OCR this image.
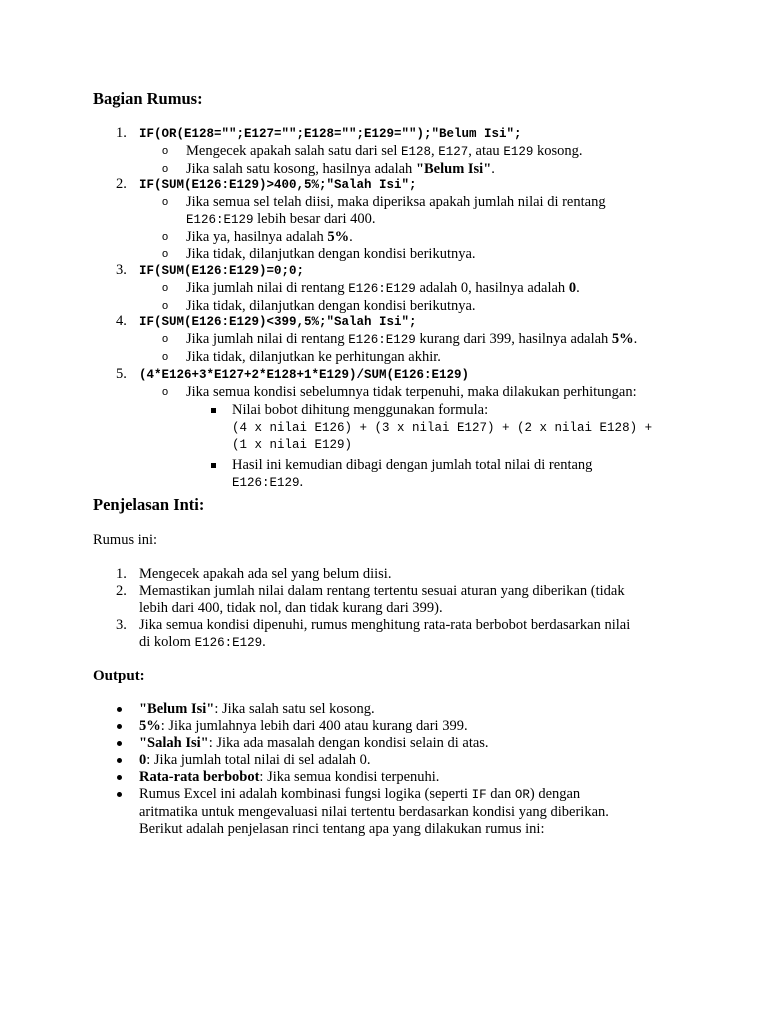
Bagian Rumus:
1. IF(OR(E128="";E127="";E128="";E129="");"Belum Isi";
o Mengecek apakah salah satu dari sel E128, E127, atau E129 kosong.
o Jika salah satu kosong, hasilnya adalah "Belum Isi".
2. IF(SUM(E126:E129)>400,5%;"Salah Isi";
o Jika semua sel telah diisi, maka diperiksa apakah jumlah nilai di rentang
E126:E129 lebih besar dari 400.
o Jika ya, hasilnya adalah 5%.
o Jika tidak, dilanjutkan dengan kondisi berikutnya.
3. IF(SUM(E126:E129)=0;0;
o Jika jumlah nilai di rentang E126:E129 adalah 0, hasilnya adalah 0.
o Jika tidak, dilanjutkan dengan kondisi berikutnya.
4. IF(SUM(E126:E129)<399,5%;"Salah Isi";
o Jika jumlah nilai di rentang E126:E129 kurang dari 399, hasilnya adalah 5%.
o Jika tidak, dilanjutkan ke perhitungan akhir.
5. (4*E126+3*E127+2*E128+1*E129)/SUM(E126:E129)
o Jika semua kondisi sebelumnya tidak terpenuhi, maka dilakukan perhitungan:
Nilai bobot dihitung menggunakan formula:
(4 x nilai E126) + (3 x nilai E127) + (2 x nilai E128) +
(1 x nilai E129)
Hasil ini kemudian dibagi dengan jumlah total nilai di rentang
E126:E129.
Penjelasan Inti:

Rumus ini:

1. Mengecek apakah ada sel yang belum diisi.
2. Memastikan jumlah nilai dalam rentang tertentu sesuai aturan yang diberikan (tidak
lebih dari 400, tidak nol, dan tidak kurang dari 399).
3. Jika semua kondisi dipenuhi, rumus menghitung rata-rata berbobot berdasarkan nilai
di kolom E126:E129.
Output:
"Belum Isi": Jika salah satu sel kosong.
5%: Jika jumlahnya lebih dari 400 atau kurang dari 399.
"Salah Isi": Jika ada masalah dengan kondisi selain di atas.
0: Jika jumlah total nilai di sel adalah 0.
Rata-rata berbobot: Jika semua kondisi terpenuhi.
Rumus Excel ini adalah kombinasi fungsi logika (seperti IF dan OR) dengan
aritmatika untuk mengevaluasi nilai tertentu berdasarkan kondisi yang diberikan.
Berikut adalah penjelasan rinci tentang apa yang dilakukan rumus ini:
